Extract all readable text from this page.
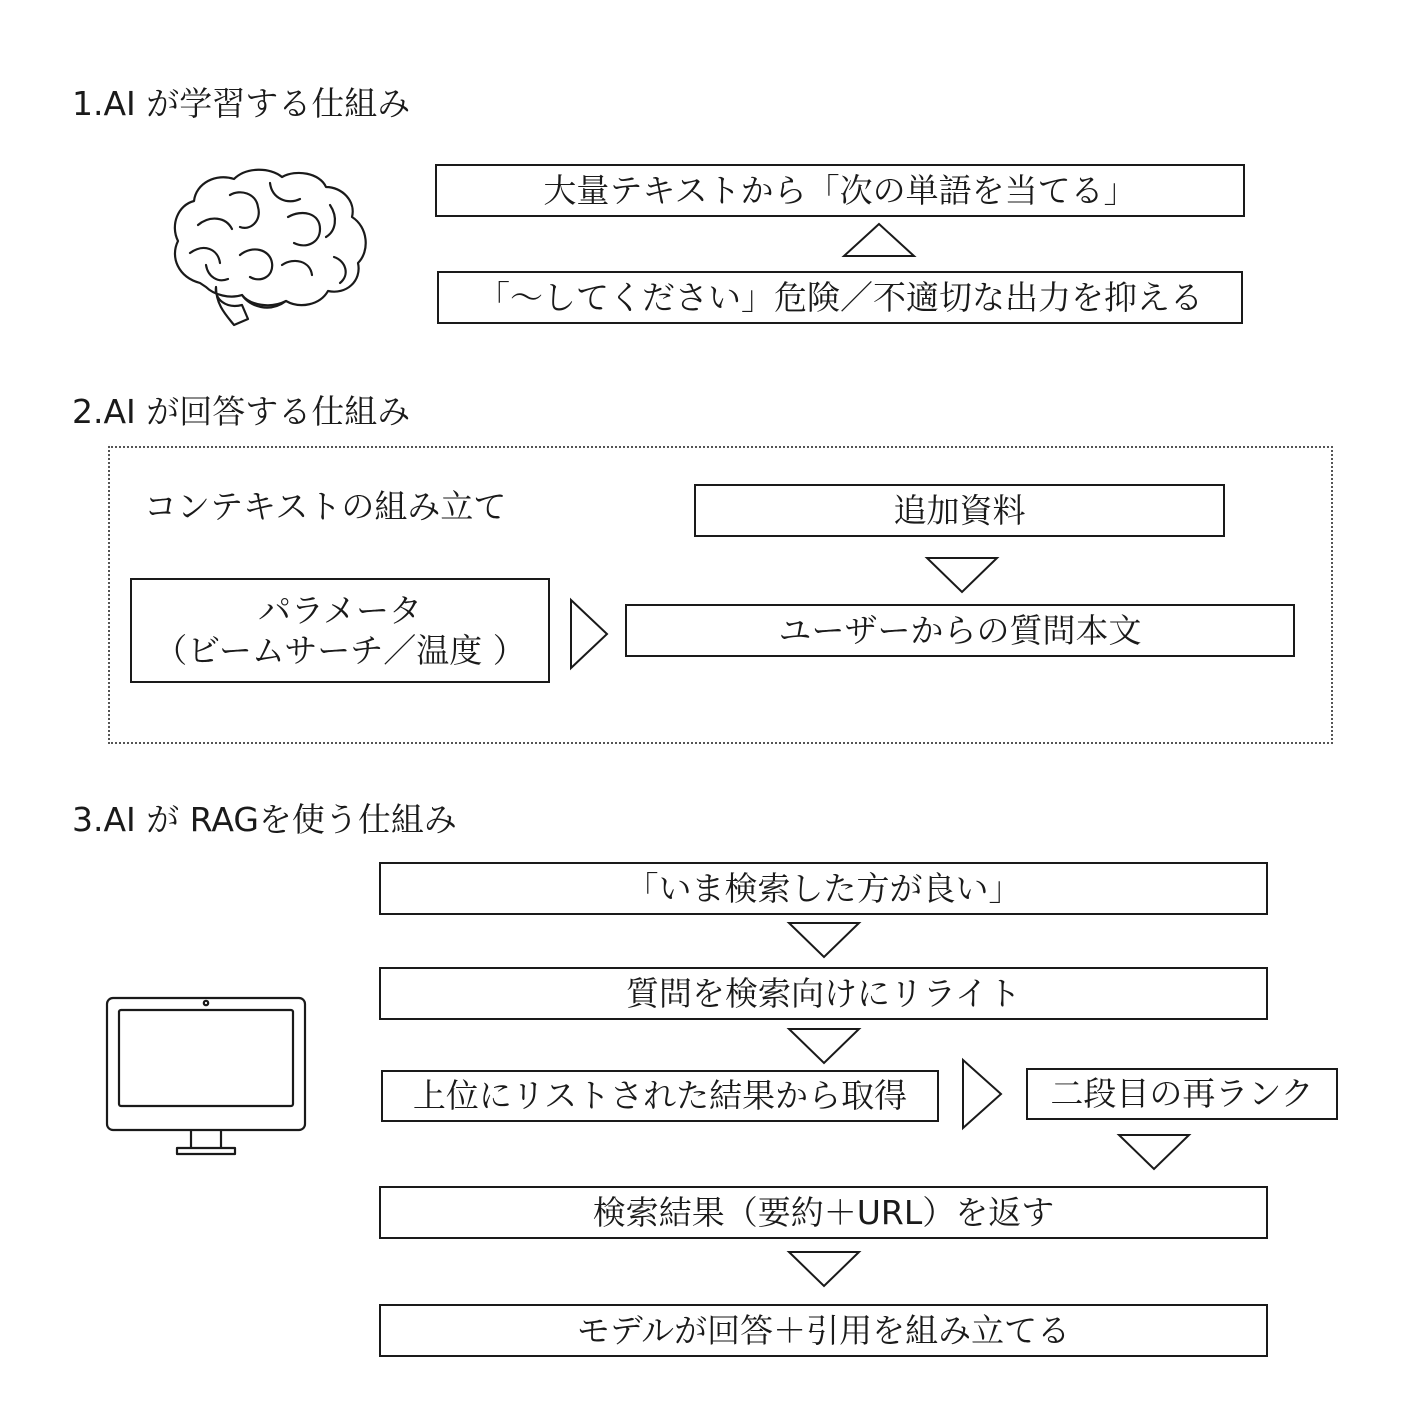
1.AI が学習する仕組み
大量テキストから「次の単語を当てる」
「〜してください」危険／不適切な出力を抑える
2.AI が回答する仕組み
コンテキストの組み立て	追加資料
パラメータ
（ビームサーチ／温度 ）
ユーザーからの質問本文
3.AI が RAGを使う仕組み
「いま検索した方が良い」
質問を検索向けにリライト
上位にリストされた結果から取得	二段目の再ランク
検索結果（要約＋URL）を返す
モデルが回答＋引用を組み立てる
